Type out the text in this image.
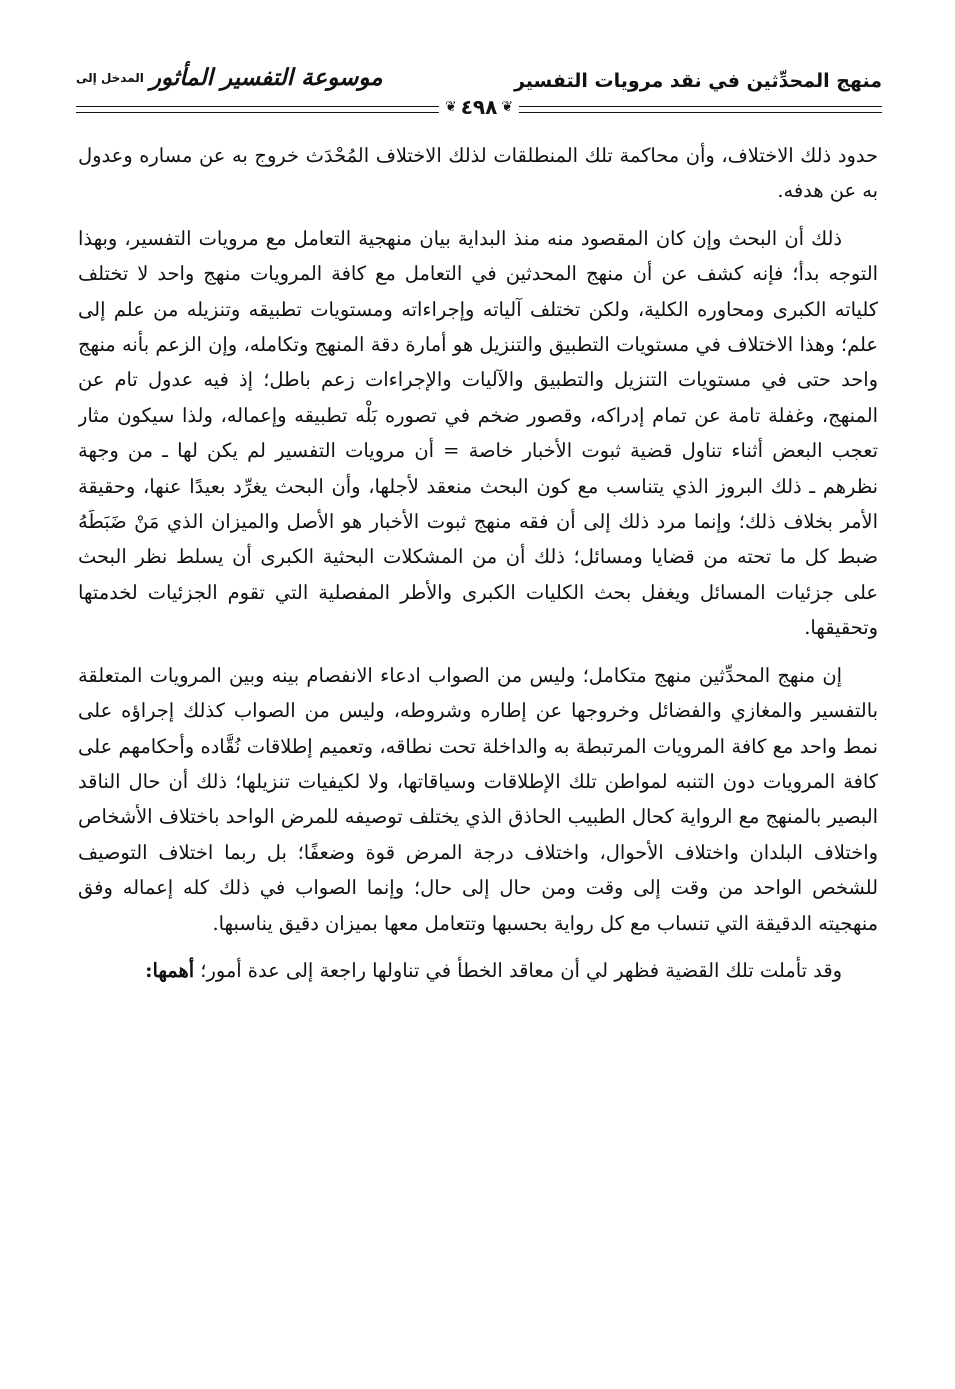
منهج المحدِّثين في نقد مرويات التفسير
المدخل إلى موسوعة التفسير المأثور
❦ ٤٩٨ ❦

حدود ذلك الاختلاف، وأن محاكمة تلك المنطلقات لذلك الاختلاف المُحْدَث خروج به عن مساره وعدول به عن هدفه.

ذلك أن البحث وإن كان المقصود منه منذ البداية بيان منهجية التعامل مع مرويات التفسير، وبهذا التوجه بدأ؛ فإنه كشف عن أن منهج المحدثين في التعامل مع كافة المرويات منهج واحد لا تختلف كلياته الكبرى ومحاوره الكلية، ولكن تختلف آلياته وإجراءاته ومستويات تطبيقه وتنزيله من علم إلى علم؛ وهذا الاختلاف في مستويات التطبيق والتنزيل هو أمارة دقة المنهج وتكامله، وإن الزعم بأنه منهج واحد حتى في مستويات التنزيل والتطبيق والآليات والإجراءات زعم باطل؛ إذ فيه عدول تام عن المنهج، وغفلة تامة عن تمام إدراكه، وقصور ضخم في تصوره بَلْه تطبيقه وإعماله، ولذا سيكون مثار تعجب البعض أثناء تناول قضية ثبوت الأخبار خاصة = أن مرويات التفسير لم يكن لها ـ من وجهة نظرهم ـ ذلك البروز الذي يتناسب مع كون البحث منعقد لأجلها، وأن البحث يغرِّد بعيدًا عنها، وحقيقة الأمر بخلاف ذلك؛ وإنما مرد ذلك إلى أن فقه منهج ثبوت الأخبار هو الأصل والميزان الذي مَنْ ضَبَطَهُ ضبط كل ما تحته من قضايا ومسائل؛ ذلك أن من المشكلات البحثية الكبرى أن يسلط نظر البحث على جزئيات المسائل ويغفل بحث الكليات الكبرى والأطر المفصلية التي تقوم الجزئيات لخدمتها وتحقيقها.

إن منهج المحدِّثين منهج متكامل؛ وليس من الصواب ادعاء الانفصام بينه وبين المرويات المتعلقة بالتفسير والمغازي والفضائل وخروجها عن إطاره وشروطه، وليس من الصواب كذلك إجراؤه على نمط واحد مع كافة المرويات المرتبطة به والداخلة تحت نطاقه، وتعميم إطلاقات نُقَّاده وأحكامهم على كافة المرويات دون التنبه لمواطن تلك الإطلاقات وسياقاتها، ولا لكيفيات تنزيلها؛ ذلك أن حال الناقد البصير بالمنهج مع الرواية كحال الطبيب الحاذق الذي يختلف توصيفه للمرض الواحد باختلاف الأشخاص واختلاف البلدان واختلاف الأحوال، واختلاف درجة المرض قوة وضعفًا؛ بل ربما اختلاف التوصيف للشخص الواحد من وقت إلى وقت ومن حال إلى حال؛ وإنما الصواب في ذلك كله إعماله وفق منهجيته الدقيقة التي تنساب مع كل رواية بحسبها وتتعامل معها بميزان دقيق يناسبها.

وقد تأملت تلك القضية فظهر لي أن معاقد الخطأ في تناولها راجعة إلى عدة أمور؛ أهمها:
